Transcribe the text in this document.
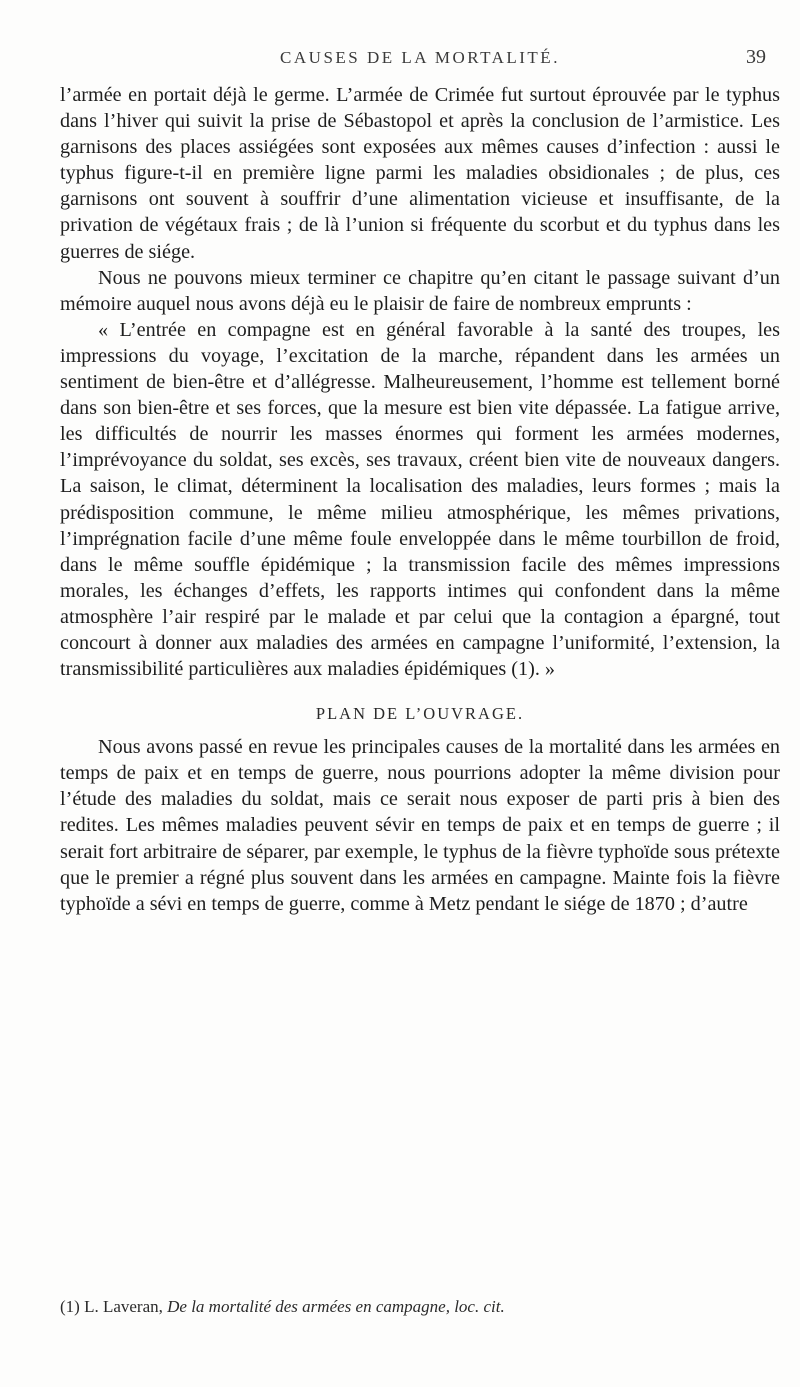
CAUSES DE LA MORTALITÉ.	39

l’armée en portait déjà le germe. L’armée de Crimée fut surtout éprouvée par le typhus dans l’hiver qui suivit la prise de Sébastopol et après la conclusion de l’armistice. Les garnisons des places assiégées sont exposées aux mêmes causes d’infection : aussi le typhus figure-t-il en première ligne parmi les maladies obsidionales ; de plus, ces garnisons ont souvent à souffrir d’une alimentation vicieuse et insuffisante, de la privation de végétaux frais ; de là l’union si fréquente du scorbut et du typhus dans les guerres de siége.

Nous ne pouvons mieux terminer ce chapitre qu’en citant le passage suivant d’un mémoire auquel nous avons déjà eu le plaisir de faire de nombreux emprunts :

« L’entrée en compagne est en général favorable à la santé des troupes, les impressions du voyage, l’excitation de la marche, répandent dans les armées un sentiment de bien-être et d’allégresse. Malheureusement, l’homme est tellement borné dans son bien-être et ses forces, que la mesure est bien vite dépassée. La fatigue arrive, les difficultés de nourrir les masses énormes qui forment les armées modernes, l’imprévoyance du soldat, ses excès, ses travaux, créent bien vite de nouveaux dangers. La saison, le climat, déterminent la localisation des maladies, leurs formes ; mais la prédisposition commune, le même milieu atmosphérique, les mêmes privations, l’imprégnation facile d’une même foule enveloppée dans le même tourbillon de froid, dans le même souffle épidémique ; la transmission facile des mêmes impressions morales, les échanges d’effets, les rapports intimes qui confondent dans la même atmosphère l’air respiré par le malade et par celui que la contagion a épargné, tout concourt à donner aux maladies des armées en campagne l’uniformité, l’extension, la transmissibilité particulières aux maladies épidémiques (1). »

PLAN DE L’OUVRAGE.

Nous avons passé en revue les principales causes de la mortalité dans les armées en temps de paix et en temps de guerre, nous pourrions adopter la même division pour l’étude des maladies du soldat, mais ce serait nous exposer de parti pris à bien des redites. Les mêmes maladies peuvent sévir en temps de paix et en temps de guerre ; il serait fort arbitraire de séparer, par exemple, le typhus de la fièvre typhoïde sous prétexte que le premier a régné plus souvent dans les armées en campagne. Mainte fois la fièvre typhoïde a sévi en temps de guerre, comme à Metz pendant le siége de 1870 ; d’autre

(1) L. Laveran, De la mortalité des armées en campagne, loc. cit.
